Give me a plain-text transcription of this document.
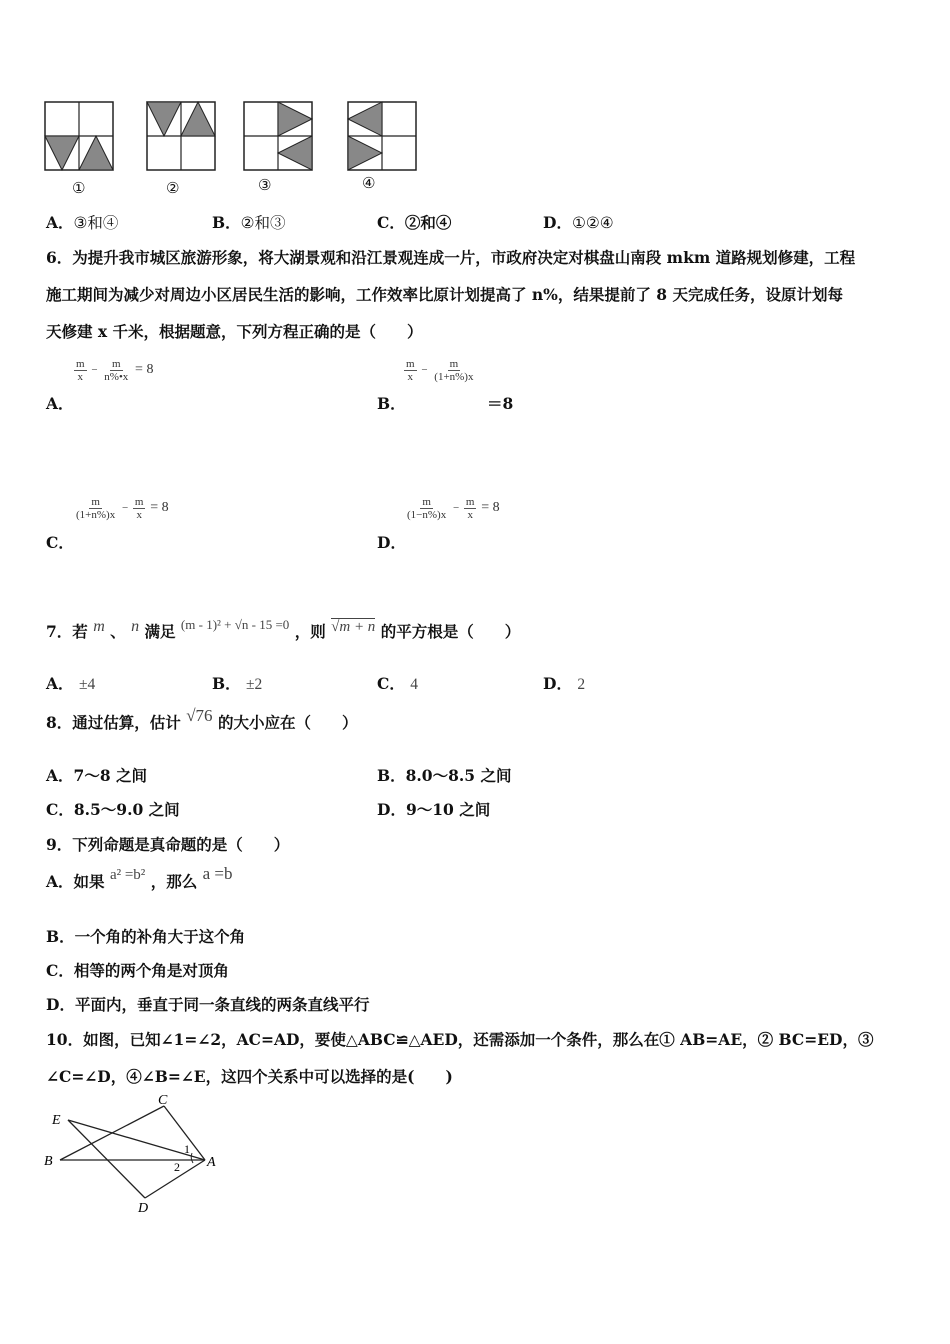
①	②	③	④
A．③和④	B．②和③	C．②和④	D．①②④
6．为提升我市城区旅游形象，将大湖景观和沿江景观连成一片，市政府决定对棋盘山南段 mkm 道路规划修建，工程
施工期间为减少对周边小区居民生活的影响，工作效率比原计划提高了 n%，结果提前了 8 天完成任务，设原计划每
天修建 x 千米，根据题意，下列方程正确的是（　　）
$\frac{m}{x} - \frac{m}{n\%•x} = 8$
A．
$\frac{m}{x} - \frac{m}{(1+n\%)x}$
B．	＝8
$\frac{m}{(1+n\%)x} - \frac{m}{x} = 8$
C．
$\frac{m}{(1-n\%)x} - \frac{m}{x} = 8$
D．
7．若 m 、 n 满足 $^{(m - 1)^2 + √n - 15 =0}$ ，则 √m + n 的平方根是（　　）
A． ±4	B． ±2	C． 4	D． 2
8．通过估算，估计 √76 的大小应在（　　）
A．7～8 之间	B．8.0～8.5 之间
C．8.5～9.0 之间	D．9～10 之间
9．下列命题是真命题的是（　　）
A．如果 a² =b² ，那么 a =b
B．一个角的补角大于这个角
C．相等的两个角是对顶角
D．平面内，垂直于同一条直线的两条直线平行
10．如图，已知∠1=∠2，AC=AD，要使△ABC≌△AED，还需添加一个条件，那么在① AB=AE，② BC=ED，③
∠C=∠D，④∠B=∠E，这四个关系中可以选择的是(　　)
E
C
B	A
D
1
2
